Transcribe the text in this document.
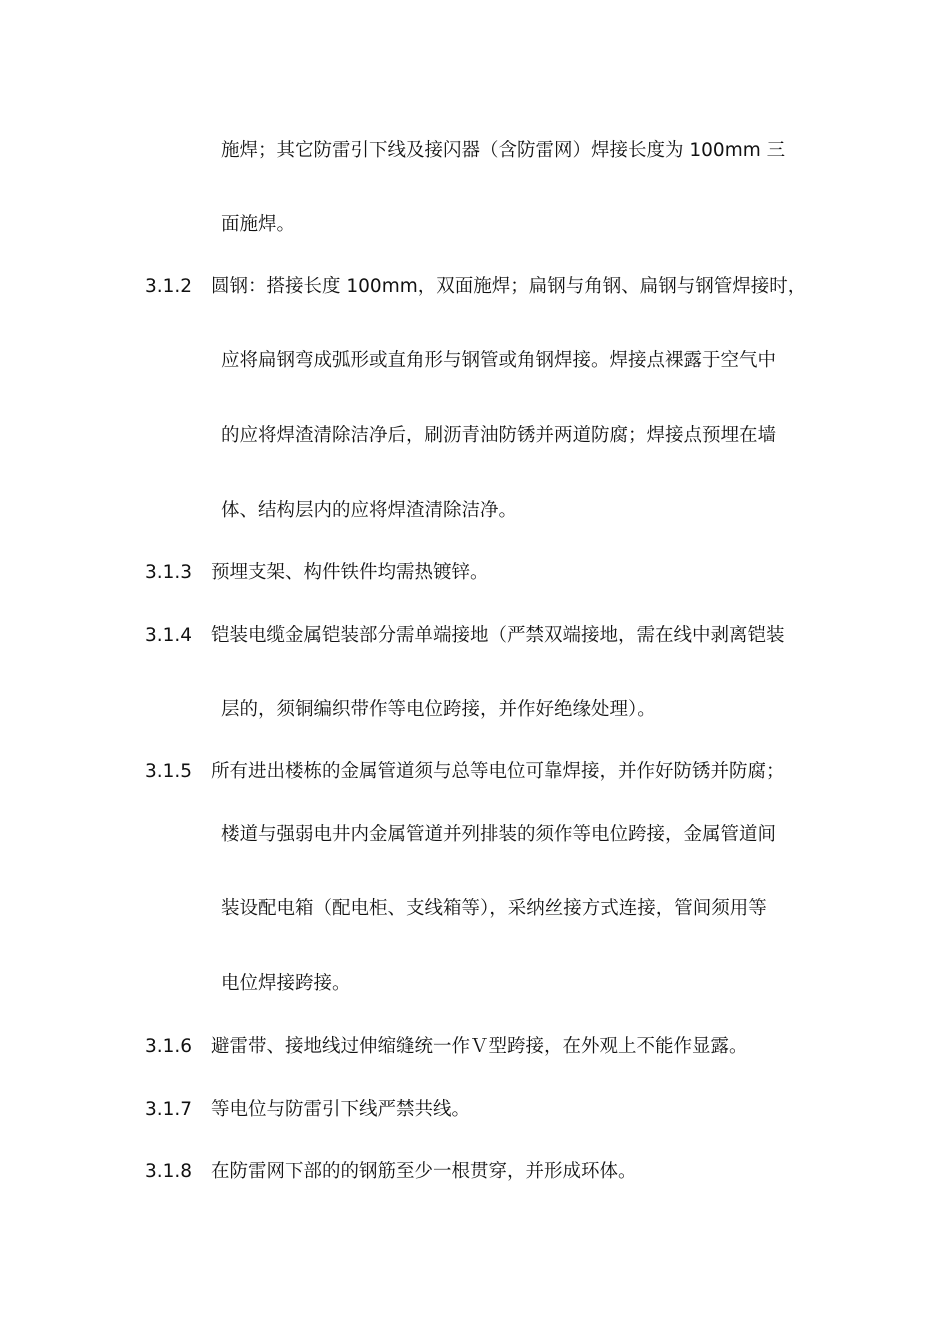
施焊；其它防雷引下线及接闪器（含防雷网）焊接长度为 100mm 三
面施焊。
3.1.2 圆钢：搭接长度 100mm，双面施焊；扁钢与角钢、扁钢与钢管焊接时，
应将扁钢弯成弧形或直角形与钢管或角钢焊接。焊接点裸露于空气中
的应将焊渣清除洁净后，刷沥青油防锈并两道防腐；焊接点预埋在墙
体、结构层内的应将焊渣清除洁净。
3.1.3 预埋支架、构件铁件均需热镀锌。
3.1.4 铠装电缆金属铠装部分需单端接地（严禁双端接地，需在线中剥离铠装
层的，须铜编织带作等电位跨接，并作好绝缘处理）。
3.1.5 所有进出楼栋的金属管道须与总等电位可靠焊接，并作好防锈并防腐；
楼道与强弱电井内金属管道并列排装的须作等电位跨接，金属管道间
装设配电箱（配电柜、支线箱等），采纳丝接方式连接，管间须用等
电位焊接跨接。
3.1.6 避雷带、接地线过伸缩缝统一作Ｖ型跨接，在外观上不能作显露。
3.1.7 等电位与防雷引下线严禁共线。
3.1.8 在防雷网下部的的钢筋至少一根贯穿，并形成环体。
